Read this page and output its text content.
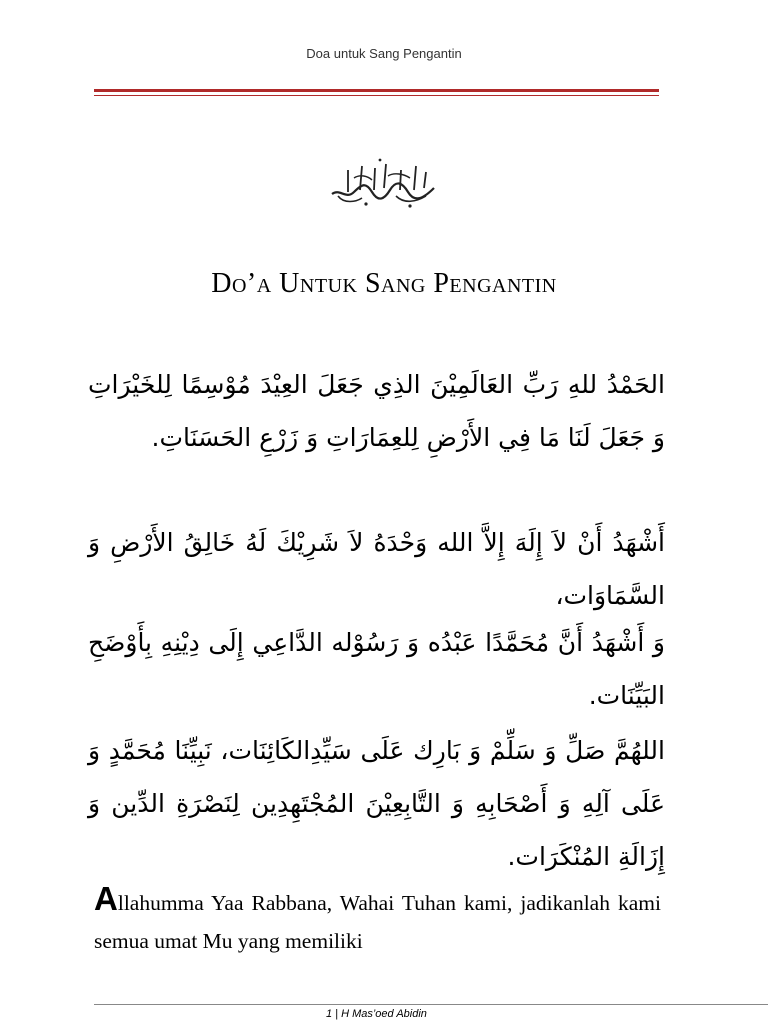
Doa untuk Sang Pengantin
Do’a Untuk Sang Pengantin
الحَمْدُ للهِ رَبِّ العَالَمِيْنَ الذِي جَعَلَ العِيْدَ مُوْسِمًا لِلخَيْرَاتِ وَ جَعَلَ لَنَا مَا فِي الأَرْضِ لِلعِمَارَاتِ وَ زَرْعِ الحَسَنَاتِ.
أَشْهَدُ أَنْ لاَ إِلَهَ إِلاَّ الله وَحْدَهُ لاَ شَرِيْكَ لَهُ خَالِقُ الأَرْضِ وَ السَّمَاوَات،
وَ أَشْهَدُ أَنَّ مُحَمَّدًا عَبْدُه وَ رَسُوْله الدَّاعِي إِلَى دِيْنِهِ بِأَوْضَحِ البَيِّنَات.
اللهُمَّ صَلِّ وَ سَلِّمْ وَ بَارِك عَلَى سَيِّدِالكَائِنَات، نَبِيِّنَا مُحَمَّدٍ وَ عَلَى آلِهِ وَ أَصْحَابِهِ وَ التَّابِعِيْنَ المُجْتَهِدِين لِنَصْرَةِ الدِّين وَ إِزَالَةِ المُنْكَرَات.
Allahumma Yaa Rabbana, Wahai Tuhan kami, jadikanlah kami semua umat Mu yang memiliki
1 | H Mas’oed Abidin
